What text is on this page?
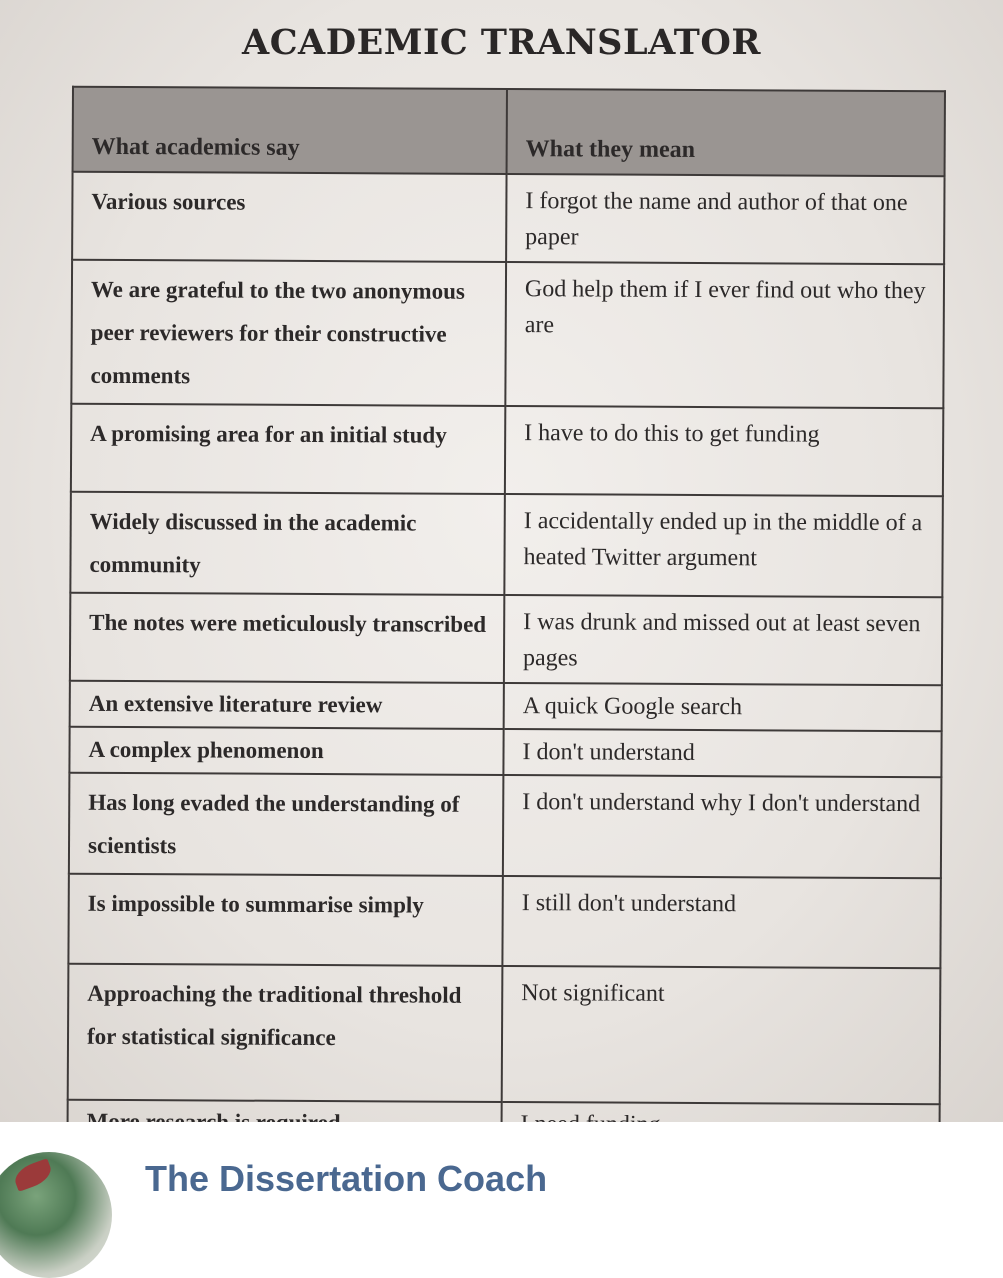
ACADEMIC TRANSLATOR
What academics say	What they mean
Various sources	I forgot the name and author of that one paper
We are grateful to the two anonymous peer reviewers for their constructive comments	God help them if I ever find out who they are
A promising area for an initial study	I have to do this to get funding
Widely discussed in the academic community	I accidentally ended up in the middle of a heated Twitter argument
The notes were meticulously transcribed	I was drunk and missed out at least seven pages
An extensive literature review	A quick Google search
A complex phenomenon	I don't understand
Has long evaded the understanding of scientists	I don't understand why I don't understand
Is impossible to summarise simply	I still don't understand
Approaching the traditional threshold for statistical significance	Not significant

The Dissertation Coach
